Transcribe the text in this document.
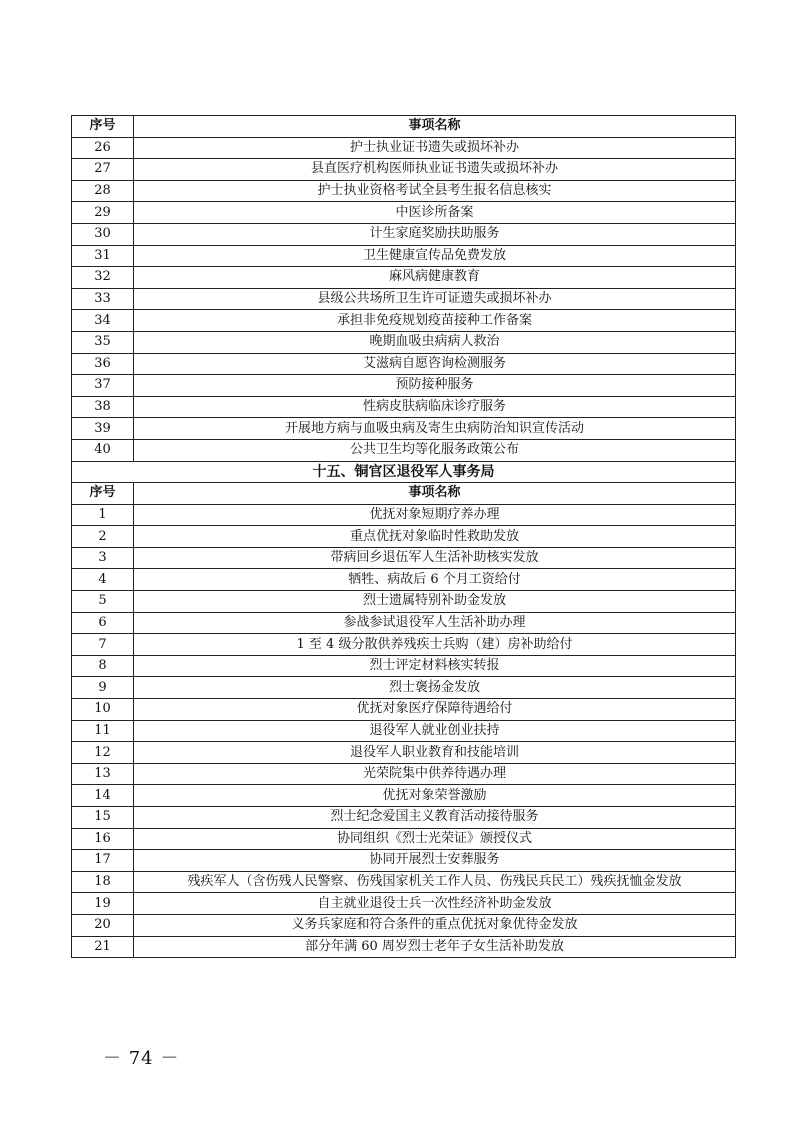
序号	事项名称
26	护士执业证书遗失或损坏补办
27	县直医疗机构医师执业证书遗失或损坏补办
28	护士执业资格考试全县考生报名信息核实
29	中医诊所备案
30	计生家庭奖励扶助服务
31	卫生健康宣传品免费发放
32	麻风病健康教育
33	县级公共场所卫生许可证遗失或损坏补办
34	承担非免疫规划疫苗接种工作备案
35	晚期血吸虫病病人救治
36	艾滋病自愿咨询检测服务
37	预防接种服务
38	性病皮肤病临床诊疗服务
39	开展地方病与血吸虫病及寄生虫病防治知识宣传活动
40	公共卫生均等化服务政策公布
十五、铜官区退役军人事务局	
序号	事项名称
1	优抚对象短期疗养办理
2	重点优抚对象临时性救助发放
3	带病回乡退伍军人生活补助核实发放
4	牺牲、病故后 6 个月工资给付
5	烈士遗属特别补助金发放
6	参战参试退役军人生活补助办理
7	1 至 4 级分散供养残疾士兵购（建）房补助给付
8	烈士评定材料核实转报
9	烈士褒扬金发放
10	优抚对象医疗保障待遇给付
11	退役军人就业创业扶持
12	退役军人职业教育和技能培训
13	光荣院集中供养待遇办理
14	优抚对象荣誉激励
15	烈士纪念爱国主义教育活动接待服务
16	协同组织《烈士光荣证》颁授仪式
17	协同开展烈士安葬服务
18	残疾军人（含伤残人民警察、伤残国家机关工作人员、伤残民兵民工）残疾抚恤金发放
19	自主就业退役士兵一次性经济补助金发放
20	义务兵家庭和符合条件的重点优抚对象优待金发放
21	部分年满 60 周岁烈士老年子女生活补助发放
－ 74 －
